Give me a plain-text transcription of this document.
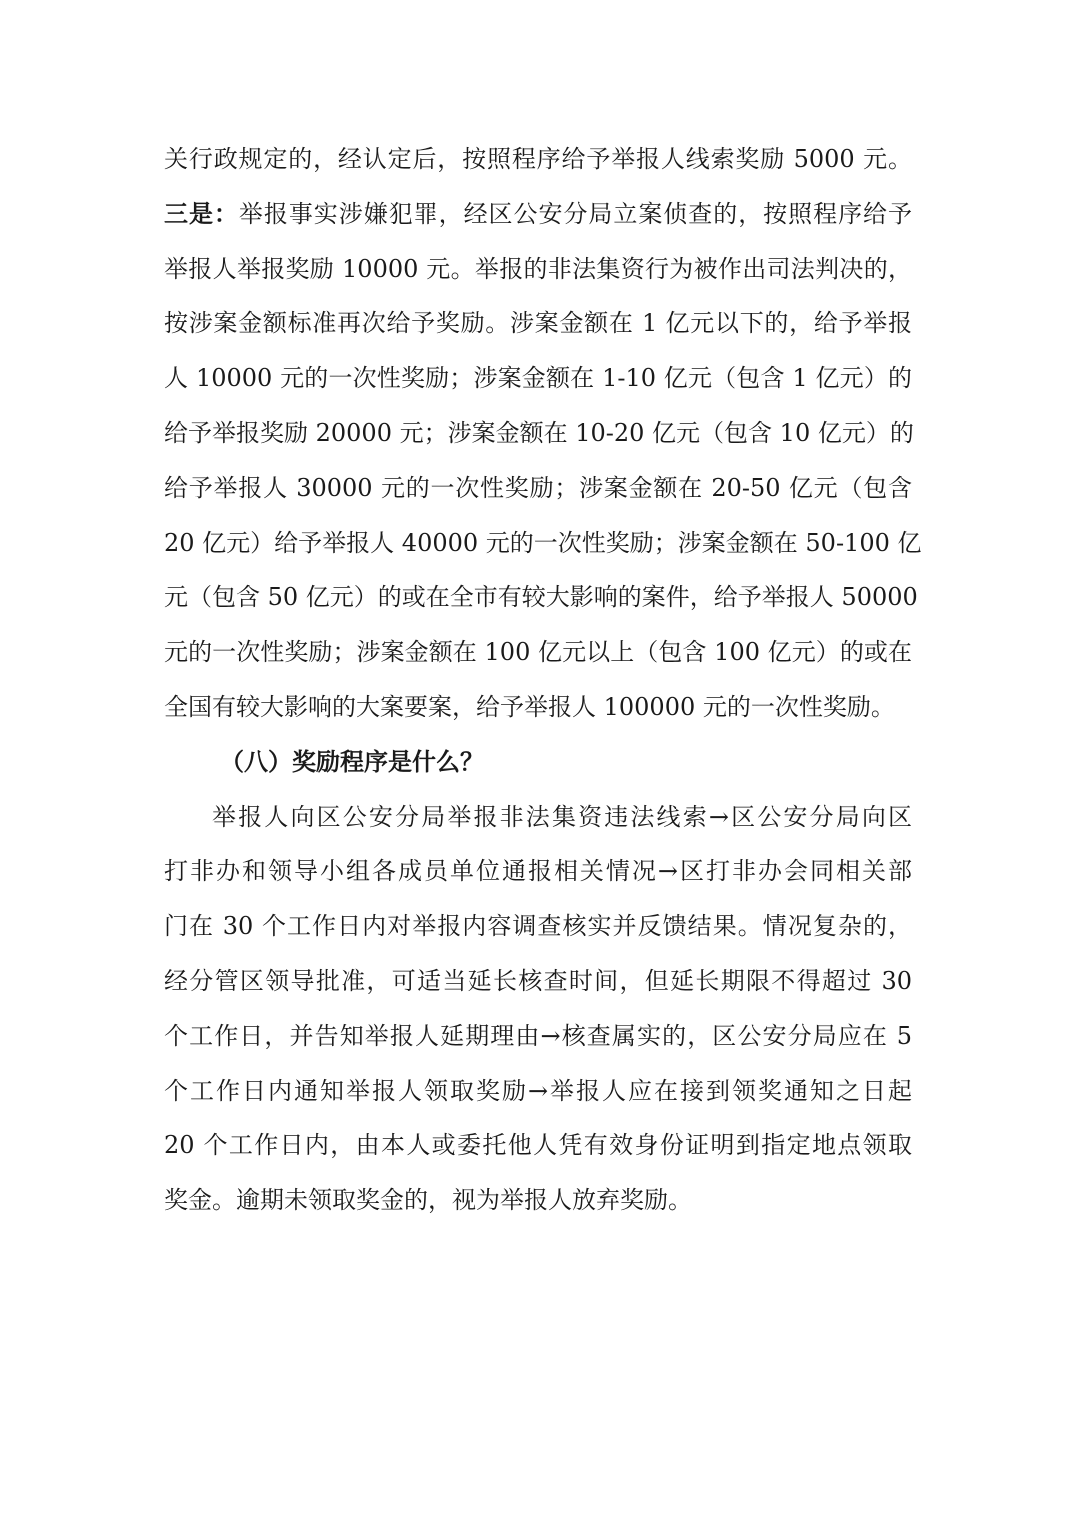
关行政规定的，经认定后，按照程序给予举报人线索奖励 5000 元。
三是：举报事实涉嫌犯罪，经区公安分局立案侦查的，按照程序给予
举报人举报奖励 10000 元。举报的非法集资行为被作出司法判决的，
按涉案金额标准再次给予奖励。涉案金额在 1 亿元以下的，给予举报
人 10000 元的一次性奖励；涉案金额在 1-10 亿元（包含 1 亿元）的
给予举报奖励 20000 元；涉案金额在 10-20 亿元（包含 10 亿元）的
给予举报人 30000 元的一次性奖励；涉案金额在 20-50 亿元（包含
20 亿元）给予举报人 40000 元的一次性奖励；涉案金额在 50-100 亿
元（包含 50 亿元）的或在全市有较大影响的案件，给予举报人 50000
元的一次性奖励；涉案金额在 100 亿元以上（包含 100 亿元）的或在
全国有较大影响的大案要案，给予举报人 100000 元的一次性奖励。
（八）奖励程序是什么？
举报人向区公安分局举报非法集资违法线索→区公安分局向区
打非办和领导小组各成员单位通报相关情况→区打非办会同相关部
门在 30 个工作日内对举报内容调查核实并反馈结果。情况复杂的，
经分管区领导批准，可适当延长核查时间，但延长期限不得超过 30
个工作日，并告知举报人延期理由→核查属实的，区公安分局应在 5
个工作日内通知举报人领取奖励→举报人应在接到领奖通知之日起
20 个工作日内，由本人或委托他人凭有效身份证明到指定地点领取
奖金。逾期未领取奖金的，视为举报人放弃奖励。
